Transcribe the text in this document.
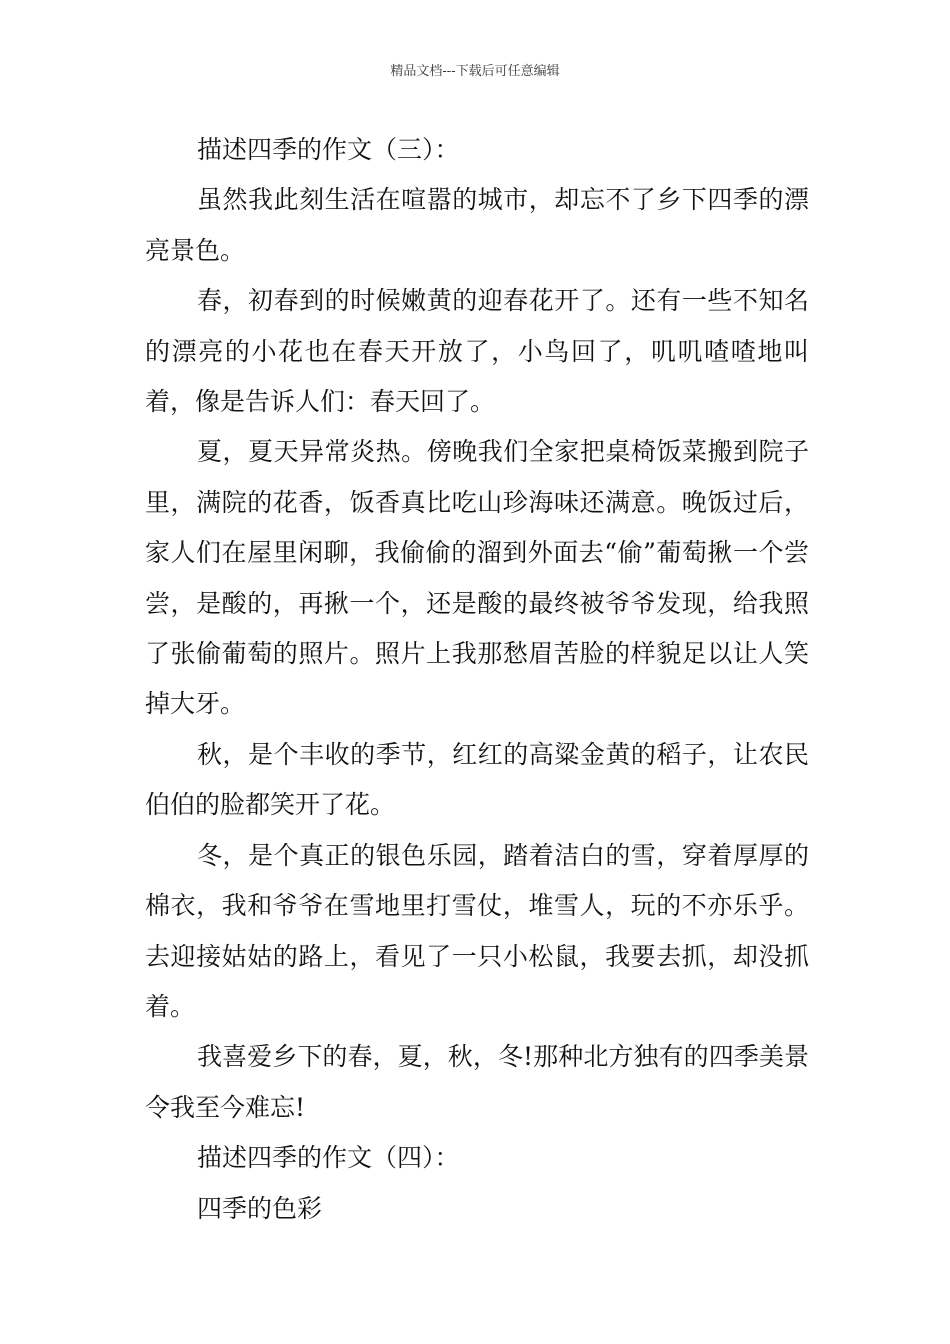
精品文档---下载后可任意编辑

描述四季的作文（三）：

虽然我此刻生活在喧嚣的城市，却忘不了乡下四季的漂亮景色。

春，初春到的时候嫩黄的迎春花开了。还有一些不知名的漂亮的小花也在春天开放了，小鸟回了，叽叽喳喳地叫着，像是告诉人们：春天回了。

夏，夏天异常炎热。傍晚我们全家把桌椅饭菜搬到院子里，满院的花香，饭香真比吃山珍海味还满意。晚饭过后，家人们在屋里闲聊，我偷偷的溜到外面去“偷”葡萄揪一个尝尝，是酸的，再揪一个，还是酸的最终被爷爷发现，给我照了张偷葡萄的照片。照片上我那愁眉苦脸的样貌足以让人笑掉大牙。

秋，是个丰收的季节，红红的高粱金黄的稻子，让农民伯伯的脸都笑开了花。

冬，是个真正的银色乐园，踏着洁白的雪，穿着厚厚的棉衣，我和爷爷在雪地里打雪仗，堆雪人，玩的不亦乐乎。去迎接姑姑的路上，看见了一只小松鼠，我要去抓，却没抓着。

我喜爱乡下的春，夏，秋，冬!那种北方独有的四季美景令我至今难忘!

描述四季的作文（四）：

四季的色彩
